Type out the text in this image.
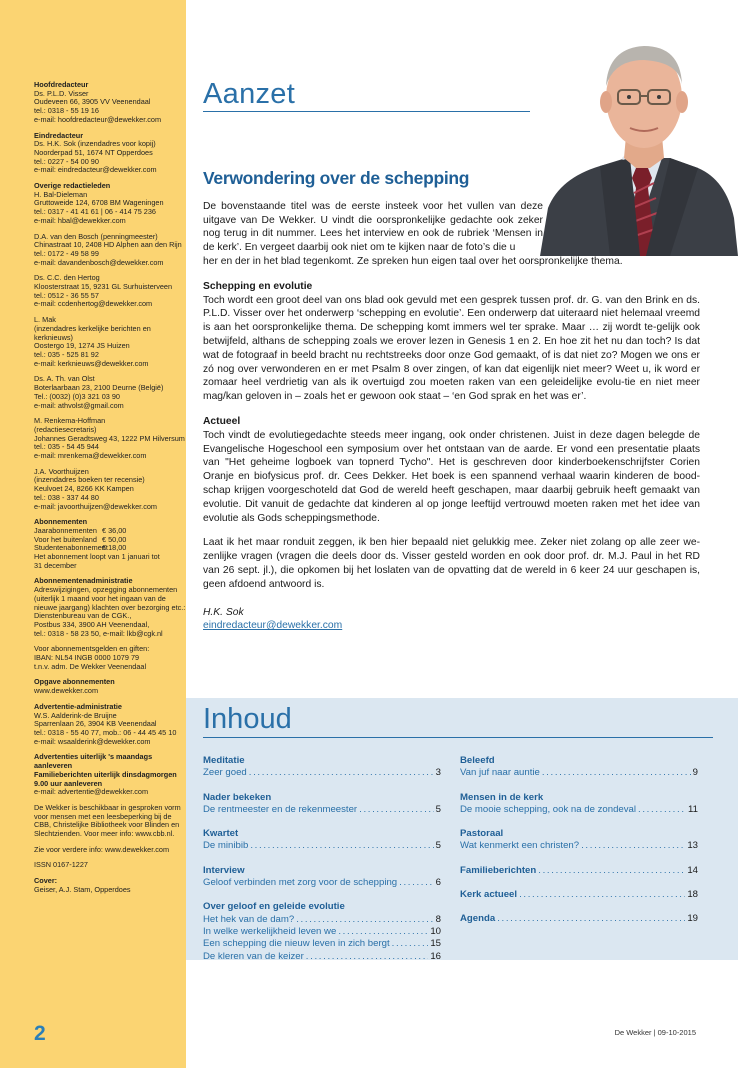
Hoofdredacteur
Ds. P.L.D. Visser
Oudeveen 66, 3905 VV Veenendaal
tel.: 0318 - 55 19 16
e-mail: hoofdredacteur@dewekker.com
Eindredacteur
Ds. H.K. Sok (inzendadres voor kopij)
Noorderpad 51, 1674 NT Opperdoes
tel.: 0227 - 54 00 90
e-mail: eindredacteur@dewekker.com
Overige redactieleden
H. Bal-Dieleman
Gruttoweide 124, 6708 BM Wageningen
tel.: 0317 - 41 41 61 | 06 - 414 75 236
e-mail: hbal@dewekker.com
D.A. van den Bosch (penningmeester)
Chinastraat 10, 2408 HD Alphen aan den Rijn
tel.: 0172 - 49 58 99
e-mail: davandenbosch@dewekker.com
Ds. C.C. den Hertog
Kloosterstraat 15, 9231 GL Surhuisterveen
tel.: 0512 - 36 55 57
e-mail: ccdenhertog@dewekker.com
L. Mak
(inzendadres kerkelijke berichten en
kerknieuws)
Oostergo 19, 1274 JS Huizen
tel.: 035 - 525 81 92
e-mail: kerknieuws@dewekker.com
Ds. A. Th. van Olst
Boterlaarbaan 23, 2100 Deurne (België)
Tel.: (0032) (0)3 321 03 90
e-mail: athvolst@gmail.com
M. Renkema-Hoffman
(redactiesecretaris)
Johannes Geradtsweg 43, 1222 PM Hilversum
tel.: 035 - 54 45 944
e-mail: mrenkema@dewekker.com
J.A. Voorthuijzen
(inzendadres boeken ter recensie)
Keulvoet 24, 8266 KK Kampen
tel.: 038 - 337 44 80
e-mail: javoorthuijzen@dewekker.com
Abonnementen
Jaarabonnementen € 36,00
Voor het buitenland € 50,00
Studentenabonnement
€ 18,00
Het abonnement loopt van 1 januari tot
31 december
Abonnementenadministratie
Adreswijzigingen, opzegging abonnementen
(uiterlijk 1 maand voor het ingaan van de
nieuwe jaargang) klachten over bezorging etc.:
Dienstenbureau van de CGK.,
Postbus 334, 3900 AH Veenendaal,
tel.: 0318 - 58 23 50, e-mail: lkb@cgk.nl
Voor abonnementsgelden en giften:
IBAN: NL54 INGB 0000 1079 79
t.n.v. adm. De Wekker Veenendaal
Opgave abonnementen
www.dewekker.com
Advertentie-administratie
W.S. Aalderink-de Bruijne
Sparrenlaan 26, 3904 KB Veenendaal
tel.: 0318 - 55 40 77, mob.: 06 - 44 45 45 10
e-mail: wsaalderink@dewekker.com
Advertenties uiterlijk 's maandags aanleveren
Familieberichten uiterlijk dinsdagmorgen 9.00 uur aanleveren
e-mail: advertentie@dewekker.com
De Wekker is beschikbaar in gesproken vorm
voor mensen met een leesbeperking bij de
CBB, Christelijke Bibliotheek voor Blinden en
Slechtzienden. Voor meer info: www.cbb.nl.
Zie voor verdere info: www.dewekker.com
ISSN 0167-1227
Cover:
Geiser, A.J. Stam, Opperdoes
2	De Wekker | 09-10-2015
Aanzet
Verwondering over de schepping

De bovenstaande titel was de eerste insteek voor het vullen van deze uitgave van De Wekker. U vindt die oorspronkelijke gedachte ook zeker nog terug in dit nummer. Lees het interview en ook de rubriek ‘Mensen in de kerk’. En vergeet daarbij ook niet om te kijken naar de foto’s die u

her en der in het blad tegenkomt. Ze spreken hun eigen taal over het oorspronkelijke thema.

Schepping en evolutie

Toch wordt een groot deel van ons blad ook gevuld met een gesprek tussen prof. dr. G. van den Brink en ds. P.L.D. Visser over het onderwerp ‘schepping en evolutie’. Een onderwerp dat uiteraard niet helemaal vreemd is aan het oorspronkelijke thema. De schepping komt immers wel ter sprake. Maar … zij wordt te-gelijk ook betwijfeld, althans de schepping zoals we erover lezen in Genesis 1 en 2. En hoe zit het nu dan toch? Is dat wat de fotograaf in beeld bracht nu rechtstreeks door onze God gemaakt, of is dat niet zo? Mogen we ons er zó nog over verwonderen en er met Psalm 8 over zingen, of kan dat eigenlijk niet meer? Weet u, ik word er zomaar heel verdrietig van als ik overtuigd zou moeten raken van een geleidelijke evolu-tie en niet meer mag/kan geloven in – zoals het er gewoon ook staat – ‘en God sprak en het was er’.

Actueel

Toch vindt de evolutiegedachte steeds meer ingang, ook onder christenen. Juist in deze dagen belegde de Evangelische Hogeschool een symposium over het ontstaan van de aarde. Er vond een presentatie plaats van "Het geheime logboek van topnerd Tycho". Het is geschreven door kinderboekenschrijfster Corien Oranje en biofysicus prof. dr. Cees Dekker. Het boek is een spannend verhaal waarin kinderen de bood-schap krijgen voorgeschoteld dat God de wereld heeft geschapen, maar daarbij gebruik heeft gemaakt van evolutie. Dit vanuit de gedachte dat kinderen al op jonge leeftijd vertrouwd moeten raken met het idee van evolutie als Gods scheppingsmethode.

Laat ik het maar ronduit zeggen, ik ben hier bepaald niet gelukkig mee. Zeker niet zolang op alle zeer we-zenlijke vragen (vragen die deels door ds. Visser gesteld worden en ook door prof. dr. M.J. Paul in het RD van 26 sept. jl.), die opkomen bij het loslaten van de opvatting dat de wereld in 6 keer 24 uur geschapen is, geen afdoend antwoord is.

H.K. Sok
eindredacteur@dewekker.com
Inhoud
Meditatie
Zeer goed . . .	3
Nader bekeken
De rentmeester en de rekenmeester . . .	5
Kwartet
De minibib . . .	5
Interview
Geloof verbinden met zorg voor de schepping . . .	6
Over geloof en geleide evolutie
Het hek van de dam? . . .	8
In welke werkelijkheid leven we . . .	10
Een schepping die nieuw leven in zich bergt . . .	15
De kleren van de keizer . . .	16
Beleefd
Van juf naar auntie . . .	9
Mensen in de kerk
De mooie schepping, ook na de zondeval . . .	11
Pastoraal
Wat kenmerkt een christen? . . .	13
Familieberichten . . .	14
Kerk actueel . . .	18
Agenda . . .	19
